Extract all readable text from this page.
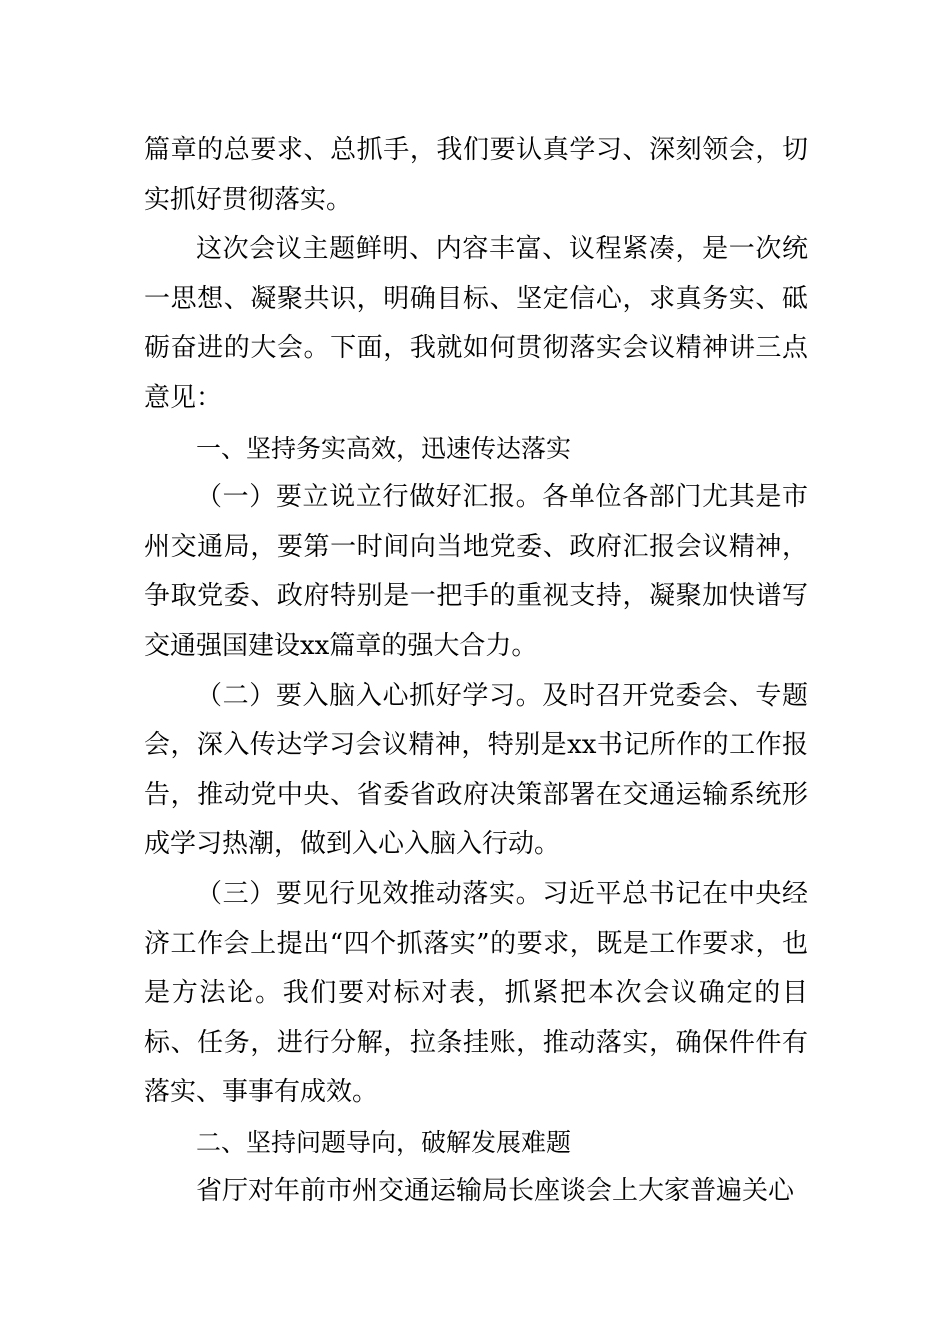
篇章的总要求、总抓手，我们要认真学习、深刻领会，切实抓好贯彻落实。

这次会议主题鲜明、内容丰富、议程紧凑，是一次统一思想、凝聚共识，明确目标、坚定信心，求真务实、砥砺奋进的大会。下面，我就如何贯彻落实会议精神讲三点意见：

一、坚持务实高效，迅速传达落实

（一）要立说立行做好汇报。各单位各部门尤其是市州交通局，要第一时间向当地党委、政府汇报会议精神，争取党委、政府特别是一把手的重视支持，凝聚加快谱写交通强国建设xx篇章的强大合力。

（二）要入脑入心抓好学习。及时召开党委会、专题会，深入传达学习会议精神，特别是xx书记所作的工作报告，推动党中央、省委省政府决策部署在交通运输系统形成学习热潮，做到入心入脑入行动。

（三）要见行见效推动落实。习近平总书记在中央经济工作会上提出“四个抓落实”的要求，既是工作要求，也是方法论。我们要对标对表，抓紧把本次会议确定的目标、任务，进行分解，拉条挂账，推动落实，确保件件有落实、事事有成效。

二、坚持问题导向，破解发展难题

省厅对年前市州交通运输局长座谈会上大家普遍关心
